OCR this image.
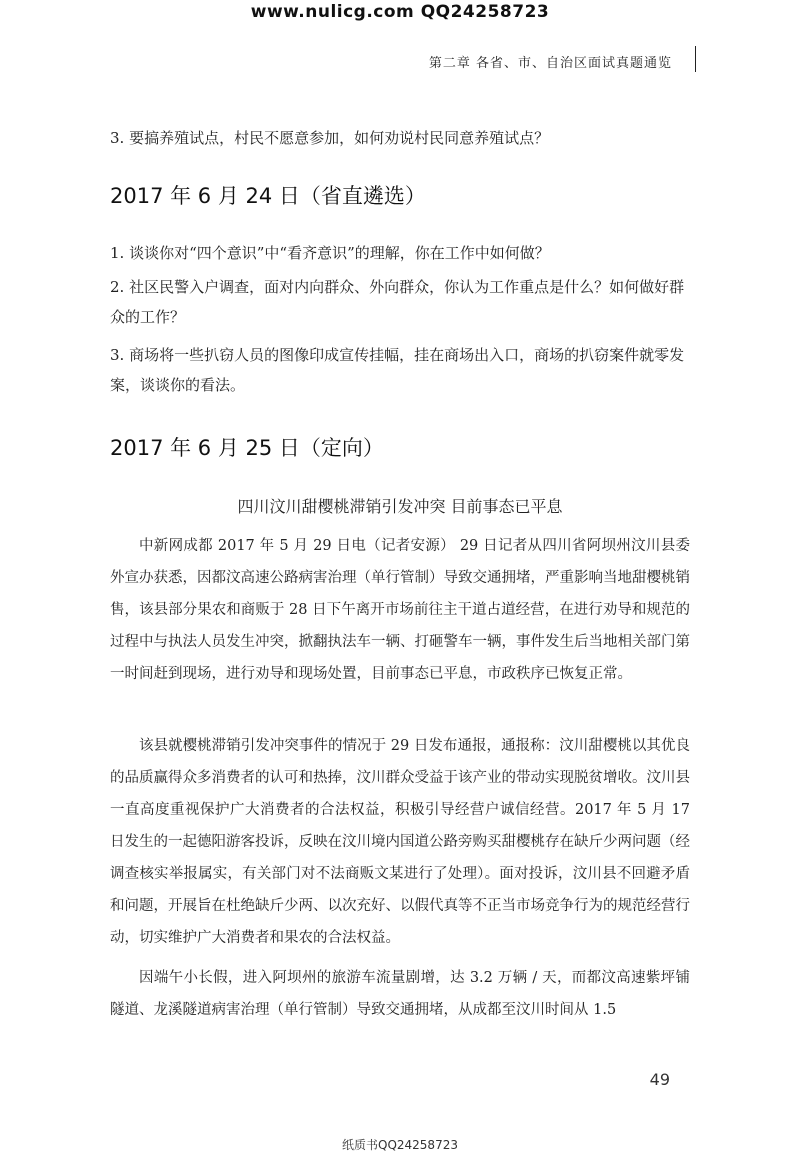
www.nulicg.com QQ24258723
第二章 各省、市、自治区面试真题通览

3. 要搞养殖试点，村民不愿意参加，如何劝说村民同意养殖试点？

2017 年 6 月 24 日（省直遴选）

1. 谈谈你对“四个意识”中“看齐意识”的理解，你在工作中如何做？

2. 社区民警入户调查，面对内向群众、外向群众，你认为工作重点是什么？如何做好群众的工作？

3. 商场将一些扒窃人员的图像印成宣传挂幅，挂在商场出入口，商场的扒窃案件就零发案，谈谈你的看法。

2017 年 6 月 25 日（定向）

四川汶川甜樱桃滞销引发冲突 目前事态已平息

中新网成都 2017 年 5 月 29 日电（记者安源） 29 日记者从四川省阿坝州汶川县委外宣办获悉，因都汶高速公路病害治理（单行管制）导致交通拥堵，严重影响当地甜樱桃销售，该县部分果农和商贩于 28 日下午离开市场前往主干道占道经营，在进行劝导和规范的过程中与执法人员发生冲突，掀翻执法车一辆、打砸警车一辆，事件发生后当地相关部门第一时间赶到现场，进行劝导和现场处置，目前事态已平息，市政秩序已恢复正常。

该县就樱桃滞销引发冲突事件的情况于 29 日发布通报，通报称：汶川甜樱桃以其优良的品质赢得众多消费者的认可和热捧，汶川群众受益于该产业的带动实现脱贫增收。汶川县一直高度重视保护广大消费者的合法权益，积极引导经营户诚信经营。2017 年 5 月 17 日发生的一起德阳游客投诉，反映在汶川境内国道公路旁购买甜樱桃存在缺斤少两问题（经调查核实举报属实，有关部门对不法商贩文某进行了处理）。面对投诉，汶川县不回避矛盾和问题，开展旨在杜绝缺斤少两、以次充好、以假代真等不正当市场竞争行为的规范经营行动，切实维护广大消费者和果农的合法权益。

因端午小长假，进入阿坝州的旅游车流量剧增，达 3.2 万辆 / 天，而都汶高速紫坪铺隧道、龙溪隧道病害治理（单行管制）导致交通拥堵，从成都至汶川时间从 1.5

49
纸质书QQ24258723
